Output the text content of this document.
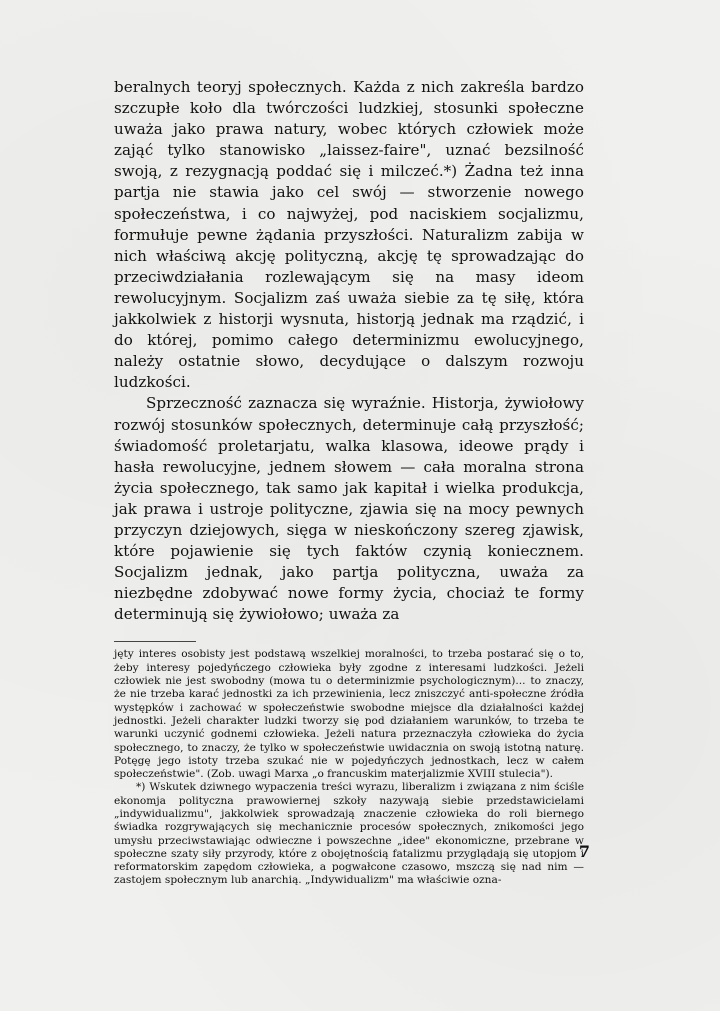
beralnych teoryj społecznych. Każda z nich zakreśla bardzo szczupłe koło dla twórczości ludzkiej, stosunki społeczne uważa jako prawa natury, wobec których człowiek może zająć tylko stanowisko „laissez-faire", uznać bezsilność swoją, z rezygnacją poddać się i milczeć.*) Żadna też inna partja nie stawia jako cel swój — stworzenie nowego społeczeństwa, i co najwyżej, pod naciskiem socjalizmu, formułuje pewne żądania przyszłości. Naturalizm zabija w nich właściwą akcję polityczną, akcję tę sprowadzając do przeciwdziałania rozlewającym się na masy ideom rewolucyjnym. Socjalizm zaś uważa siebie za tę siłę, która jakkolwiek z historji wysnuta, historją jednak ma rządzić, i do której, pomimo całego determinizmu ewolucyjnego, należy ostatnie słowo, decydujące o dalszym rozwoju ludzkości.

Sprzeczność zaznacza się wyraźnie. Historja, żywiołowy rozwój stosunków społecznych, determinuje całą przyszłość; świadomość proletarjatu, walka klasowa, ideowe prądy i hasła rewolucyjne, jednem słowem — cała moralna strona życia społecznego, tak samo jak kapitał i wielka produkcja, jak prawa i ustroje polityczne, zjawia się na mocy pewnych przyczyn dziejowych, sięga w nieskończony szereg zjawisk, które pojawienie się tych faktów czynią koniecznem. Socjalizm jednak, jako partja polityczna, uważa za niezbędne zdobywać nowe formy życia, chociaż te formy determinują się żywiołowo; uważa za

jęty interes osobisty jest podstawą wszelkiej moralności, to trzeba postarać się o to, żeby interesy pojedyńczego człowieka były zgodne z interesami ludzkości. Jeżeli człowiek nie jest swobodny (mowa tu o determinizmie psychologicznym)... to znaczy, że nie trzeba karać jednostki za ich przewinienia, lecz zniszczyć anti-społeczne źródła występków i zachować w społeczeństwie swobodne miejsce dla działalności każdej jednostki. Jeżeli charakter ludzki tworzy się pod działaniem warunków, to trzeba te warunki uczynić godnemi człowieka. Jeżeli natura przeznaczyła człowieka do życia społecznego, to znaczy, że tylko w społeczeństwie uwidacznia on swoją istotną naturę. Potęgę jego istoty trzeba szukać nie w pojedyńczych jednostkach, lecz w całem społeczeństwie". (Zob. uwagi Marxa „o francuskim materjalizmie XVIII stulecia").

*) Wskutek dziwnego wypaczenia treści wyrazu, liberalizm i związana z nim ściśle ekonomja polityczna prawowiernej szkoły nazywają siebie przedstawicielami „indywidualizmu", jakkolwiek sprowadzają znaczenie człowieka do roli biernego świadka rozgrywających się mechanicznie procesów społecznych, znikomości jego umysłu przeciwstawiając odwieczne i powszechne „idee" ekonomiczne, przebrane w społeczne szaty siły przyrody, które z obojętnością fatalizmu przyglądają się utopjom i reformatorskim zapędom człowieka, a pogwałcone czasowo, mszczą się nad nim — zastojem społecznym lub anarchią. „Indywidualizm" ma właściwie ozna-

7
